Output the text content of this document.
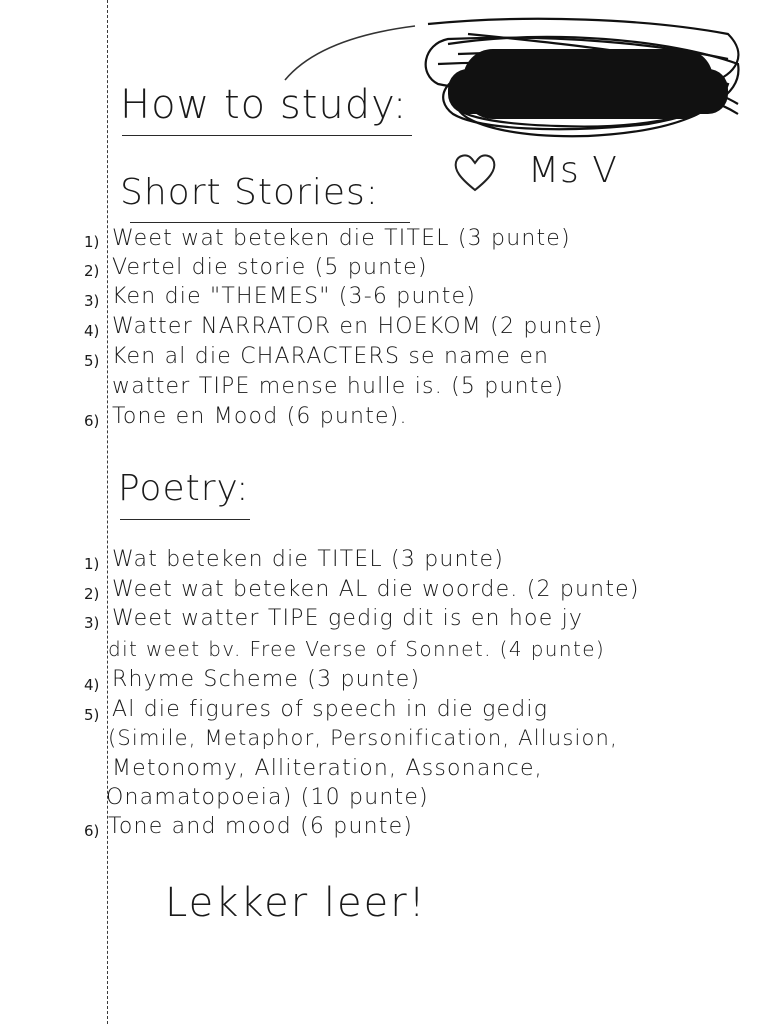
How to study:
Short Stories:
Ms V
1) Weet wat beteken die TITEL (3 punte)
2) Vertel die storie (5 punte)
3) Ken die "THEMES" (3-6 punte)
4) Watter NARRATOR en HOEKOM (2 punte)
5) Ken al die CHARACTERS se name en
watter TIPE mense hulle is. (5 punte)
6) Tone en Mood (6 punte).
Poetry:
1) Wat beteken die TITEL (3 punte)
2) Weet wat beteken AL die woorde. (2 punte)
3) Weet watter TIPE gedig dit is en hoe jy
dit weet bv. Free Verse of Sonnet. (4 punte)
4) Rhyme Scheme (3 punte)
5) Al die figures of speech in die gedig
(Simile, Metaphor, Personification, Allusion,
Metonomy, Alliteration, Assonance,
Onamatopoeia) (10 punte)
6) Tone and mood (6 punte)
Lekker leer!
